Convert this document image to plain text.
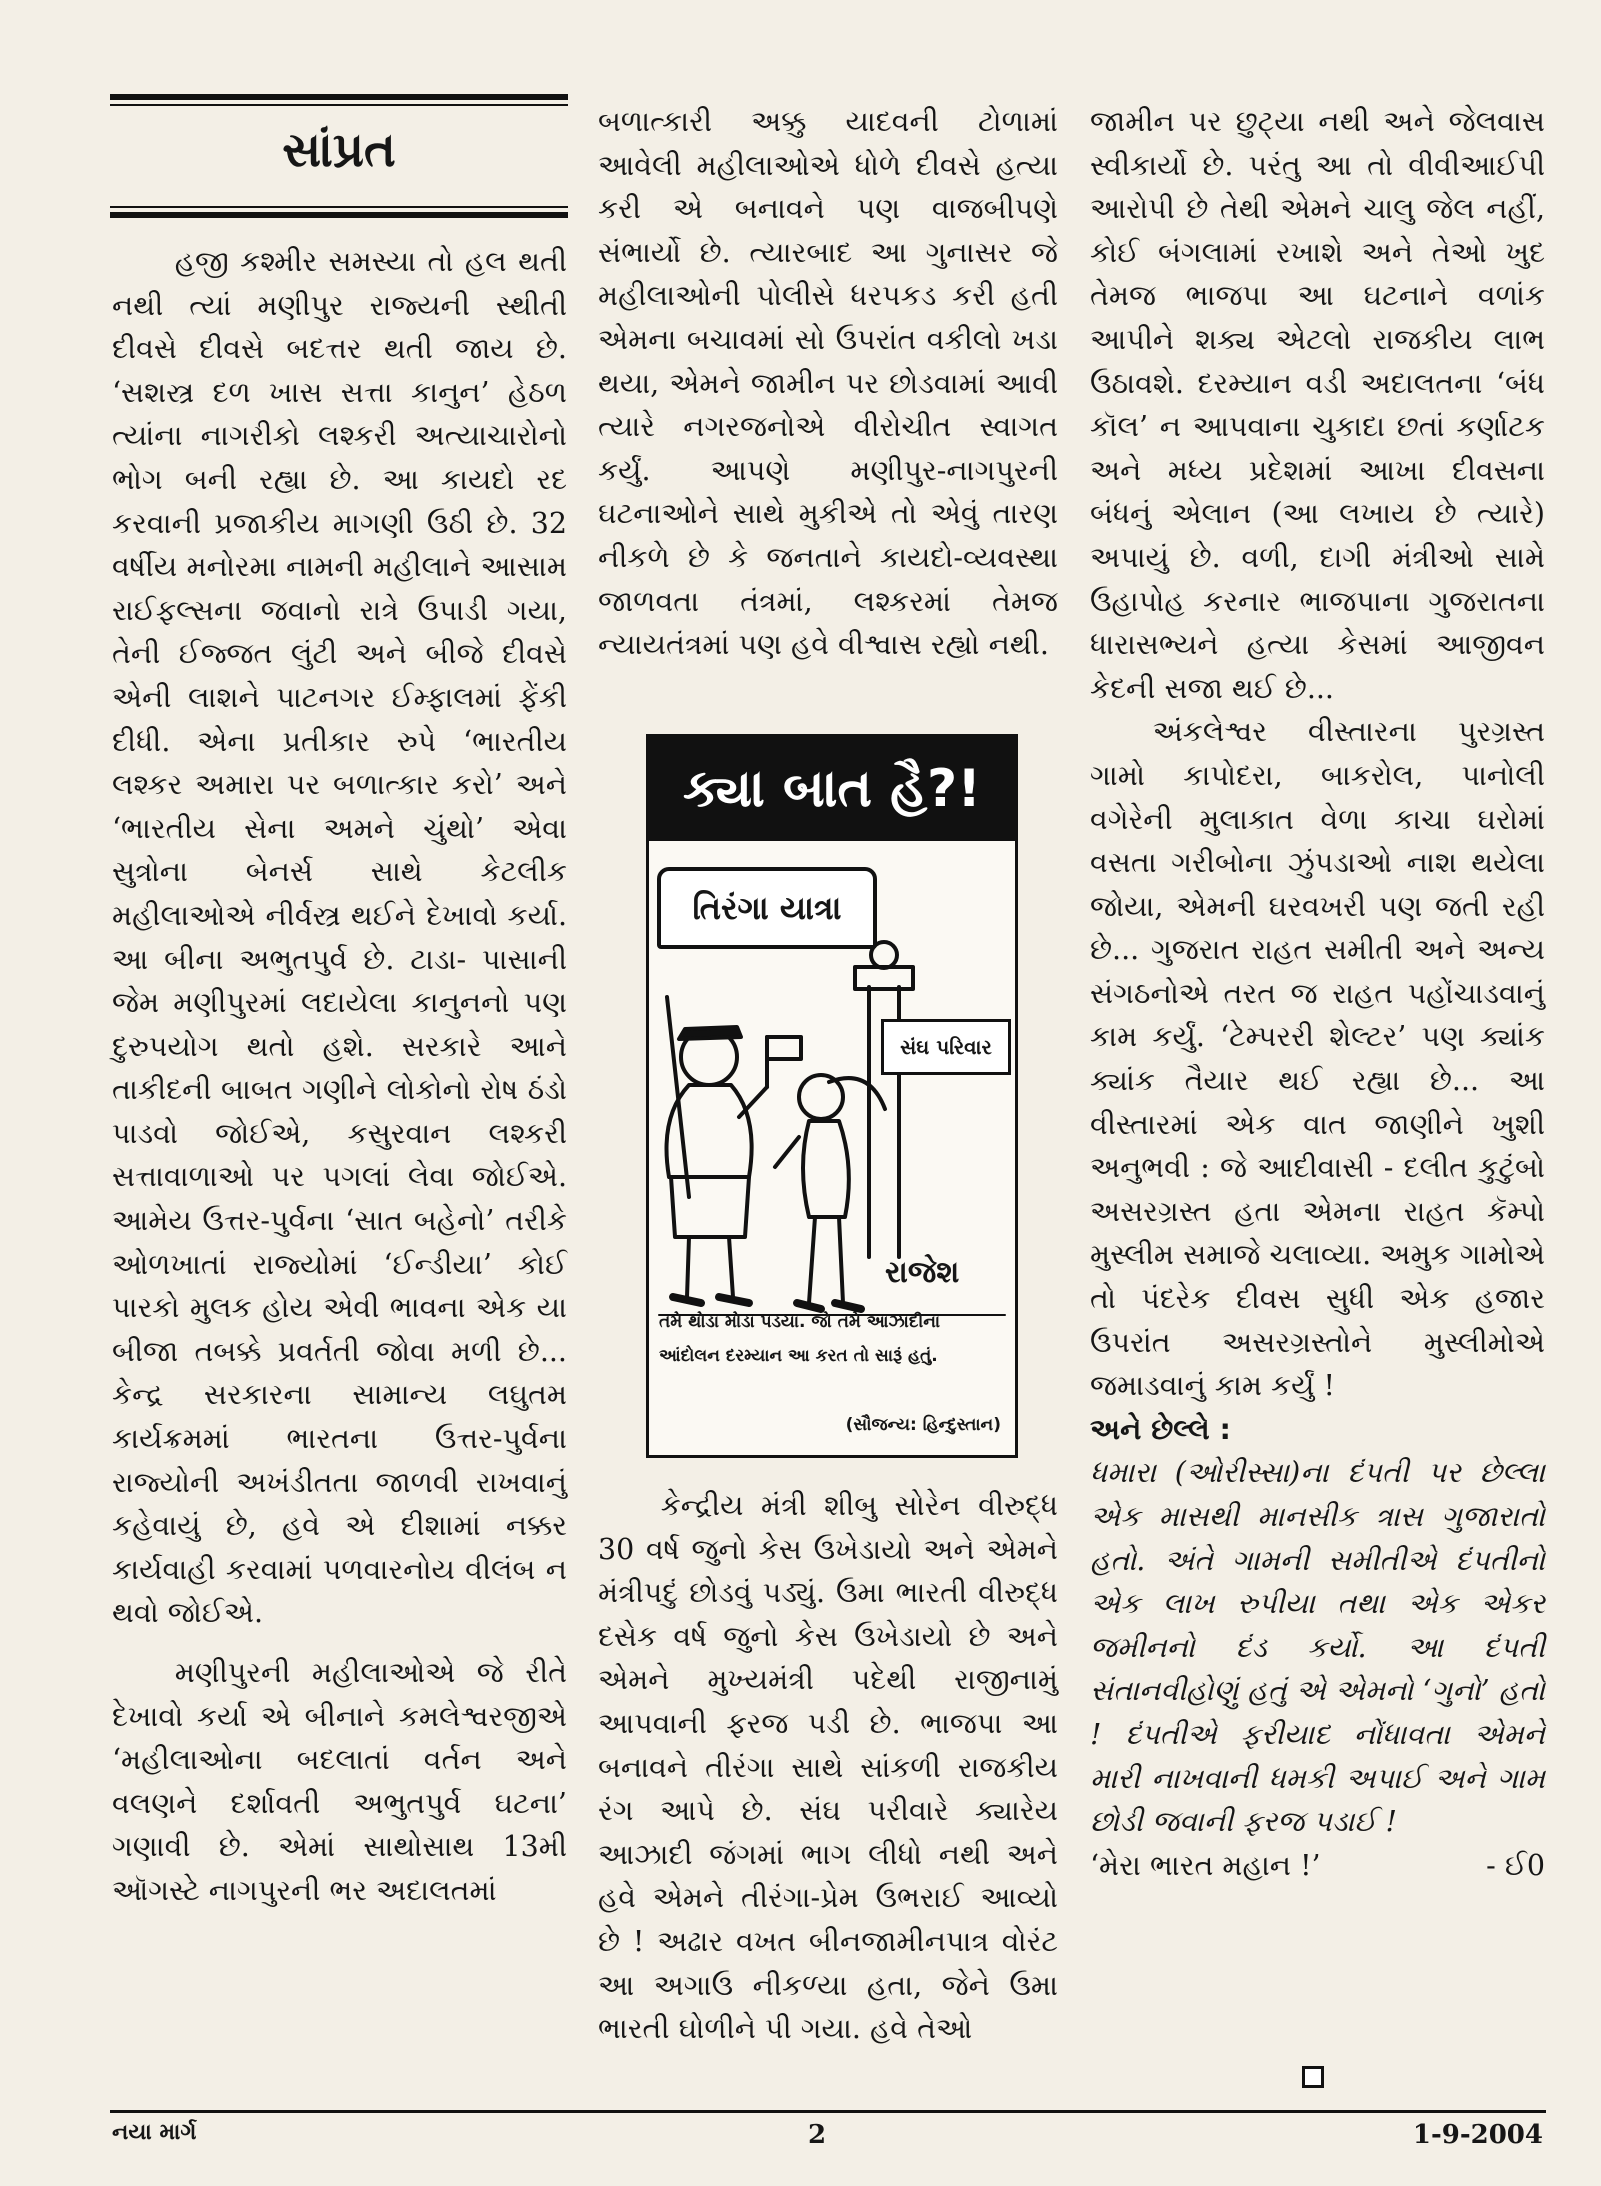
સાંપ્રત

હજી કશ્મીર સમસ્યા તો હલ થતી નથી ત્યાં મણીપુર રાજ્યની સ્થીતી દીવસે દીવસે બદત્તર થતી જાય છે. ‘સશસ્ત્ર દળ ખાસ સત્તા કાનુન’ હેઠળ ત્યાંના નાગરીકો લશ્કરી અત્યાચારોનો ભોગ બની રહ્યા છે. આ કાયદો રદ કરવાની પ્રજાકીય માગણી ઉઠી છે. 32 વર્ષીય મનોરમા નામની મહીલાને આસામ રાઈફલ્સના જવાનો રાત્રે ઉપાડી ગયા, તેની ઈજ્જત લુંટી અને બીજે દીવસે એની લાશને પાટનગર ઈમ્ફાલમાં ફેંકી દીધી. એના પ્રતીકાર રુપે ‘ભારતીય લશ્કર અમારા પર બળાત્કાર કરો’ અને ‘ભારતીય સેના અમને ચુંથો’ એવા સુત્રોના બેનર્સ સાથે કેટલીક મહીલાઓએ નીર્વસ્ત્ર થઈને દેખાવો કર્યા. આ બીના અભુતપુર્વ છે. ટાડા- પાસાની જેમ મણીપુરમાં લદાયેલા કાનુનનો પણ દુરુપયોગ થતો હશે. સરકારે આને તાકીદની બાબત ગણીને લોકોનો રોષ ઠંડો પાડવો જોઈએ, કસુરવાન લશ્કરી સત્તાવાળાઓ પર પગલાં લેવા જોઈએ. આમેય ઉત્તર-પુર્વના ‘સાત બહેનો’ તરીકે ઓળખાતાં રાજ્યોમાં ‘ઈન્ડીયા’ કોઈ પારકો મુલક હોય એવી ભાવના એક યા બીજા તબક્કે પ્રવર્તતી જોવા મળી છે... કેન્દ્ર સરકારના સામાન્ય લઘુતમ કાર્યક્રમમાં ભારતના ઉત્તર-પુર્વના રાજ્યોની અખંડીતતા જાળવી રાખવાનું કહેવાયું છે, હવે એ દીશામાં નક્કર કાર્યવાહી કરવામાં પળવારનોય વીલંબ ન થવો જોઈએ.

મણીપુરની મહીલાઓએ જે રીતે દેખાવો કર્યા એ બીનાને કમલેશ્વરજીએ ‘મહીલાઓના બદલાતાં વર્તન અને વલણને દર્શાવતી અભુતપુર્વ ઘટના’ ગણાવી છે. એમાં સાથોસાથ 13મી ઑગસ્ટે નાગપુરની ભર અદાલતમાં

બળાત્કારી અક્કુ યાદવની ટોળામાં આવેલી મહીલાઓએ ધોળે દીવસે હત્યા કરી એ બનાવને પણ વાજબીપણે સંભાર્યો છે. ત્યારબાદ આ ગુનાસર જે મહીલાઓની પોલીસે ધરપકડ કરી હતી એમના બચાવમાં સો ઉપરાંત વકીલો ખડા થયા, એમને જામીન પર છોડવામાં આવી ત્યારે નગરજનોએ વીરોચીત સ્વાગત કર્યું. આપણે મણીપુર-નાગપુરની ઘટનાઓને સાથે મુકીએ તો એવું તારણ નીકળે છે કે જનતાને કાયદો-વ્યવસ્થા જાળવતા તંત્રમાં, લશ્કરમાં તેમજ ન્યાયતંત્રમાં પણ હવે વીશ્વાસ રહ્યો નથી.

ક્યા બાત હૈ?!
તિરંગા યાત્રા
સંઘ પરિવાર
રાજેશ
તમે થોડા મોડા પડયા. જો તમે આઝાદીના આંદોલન દરમ્યાન આ કરત તો સારૂં હતું.
(સૌજન્ય: હિન્દુસ્તાન)

કેન્દ્રીય મંત્રી શીબુ સોરેન વીરુદ્ધ 30 વર્ષ જુનો કેસ ઉખેડાયો અને એમને મંત્રીપદું છોડવું પડ્યું. ઉમા ભારતી વીરુદ્ધ દસેક વર્ષ જુનો કેસ ઉખેડાયો છે અને એમને મુખ્યમંત્રી પદેથી રાજીનામું આપવાની ફરજ પડી છે. ભાજપા આ બનાવને તીરંગા સાથે સાંકળી રાજકીય રંગ આપે છે. સંઘ પરીવારે ક્યારેય આઝાદી જંગમાં ભાગ લીધો નથી અને હવે એમને તીરંગા-પ્રેમ ઉભરાઈ આવ્યો છે ! અઢાર વખત બીનજામીનપાત્ર વોરંટ આ અગાઉ નીકળ્યા હતા, જેને ઉમા ભારતી ઘોળીને પી ગયા. હવે તેઓ

જામીન પર છુટ્યા નથી અને જેલવાસ સ્વીકાર્યો છે. પરંતુ આ તો વીવીઆઈપી આરોપી છે તેથી એમને ચાલુ જેલ નહીં, કોઈ બંગલામાં રખાશે અને તેઓ ખુદ તેમજ ભાજપા આ ઘટનાને વળાંક આપીને શક્ય એટલો રાજકીય લાભ ઉઠાવશે. દરમ્યાન વડી અદાલતના ‘બંધ કૉલ’ ન આપવાના ચુકાદા છતાં કર્ણાટક અને મધ્ય પ્રદેશમાં આખા દીવસના બંધનું એલાન (આ લખાય છે ત્યારે) અપાયું છે. વળી, દાગી મંત્રીઓ સામે ઉહાપોહ કરનાર ભાજપાના ગુજરાતના ધારાસભ્યને હત્યા કેસમાં આજીવન કેદની સજા થઈ છે...

અંકલેશ્વર વીસ્તારના પુરગ્રસ્ત ગામો કાપોદરા, બાકરોલ, પાનોલી વગેરેની મુલાકાત વેળા કાચા ઘરોમાં વસતા ગરીબોના ઝુંપડાઓ નાશ થયેલા જોયા, એમની ઘરવખરી પણ જતી રહી છે... ગુજરાત રાહત સમીતી અને અન્ય સંગઠનોએ તરત જ રાહત પહોંચાડવાનું કામ કર્યું. ‘ટેમ્પરરી શેલ્ટર’ પણ ક્યાંક ક્યાંક તૈયાર થઈ રહ્યા છે... આ વીસ્તારમાં એક વાત જાણીને ખુશી અનુભવી : જે આદીવાસી - દલીત કુટુંબો અસરગ્રસ્ત હતા એમના રાહત કૅમ્પો મુસ્લીમ સમાજે ચલાવ્યા. અમુક ગામોએ તો પંદરેક દીવસ સુધી એક હજાર ઉપરાંત અસરગ્રસ્તોને મુસ્લીમોએ જમાડવાનું કામ કર્યું !

અને છેલ્લે :

ધમારા (ઓરીસ્સા)ના દંપતી પર છેલ્લા એક માસથી માનસીક ત્રાસ ગુજારાતો હતો. અંતે ગામની સમીતીએ દંપતીનો એક લાખ રુપીયા તથા એક એકર જમીનનો દંડ કર્યો. આ દંપતી સંતાનવીહોણું હતું એ એમનો ‘ગુનો’ હતો ! દંપતીએ ફરીયાદ નોંધાવતા એમને મારી નાખવાની ધમકી અપાઈ અને ગામ છોડી જવાની ફરજ પડાઈ !

‘મેરા ભારત મહાન !’	- ઈ0
નયા માર્ગ	2	1-9-2004
